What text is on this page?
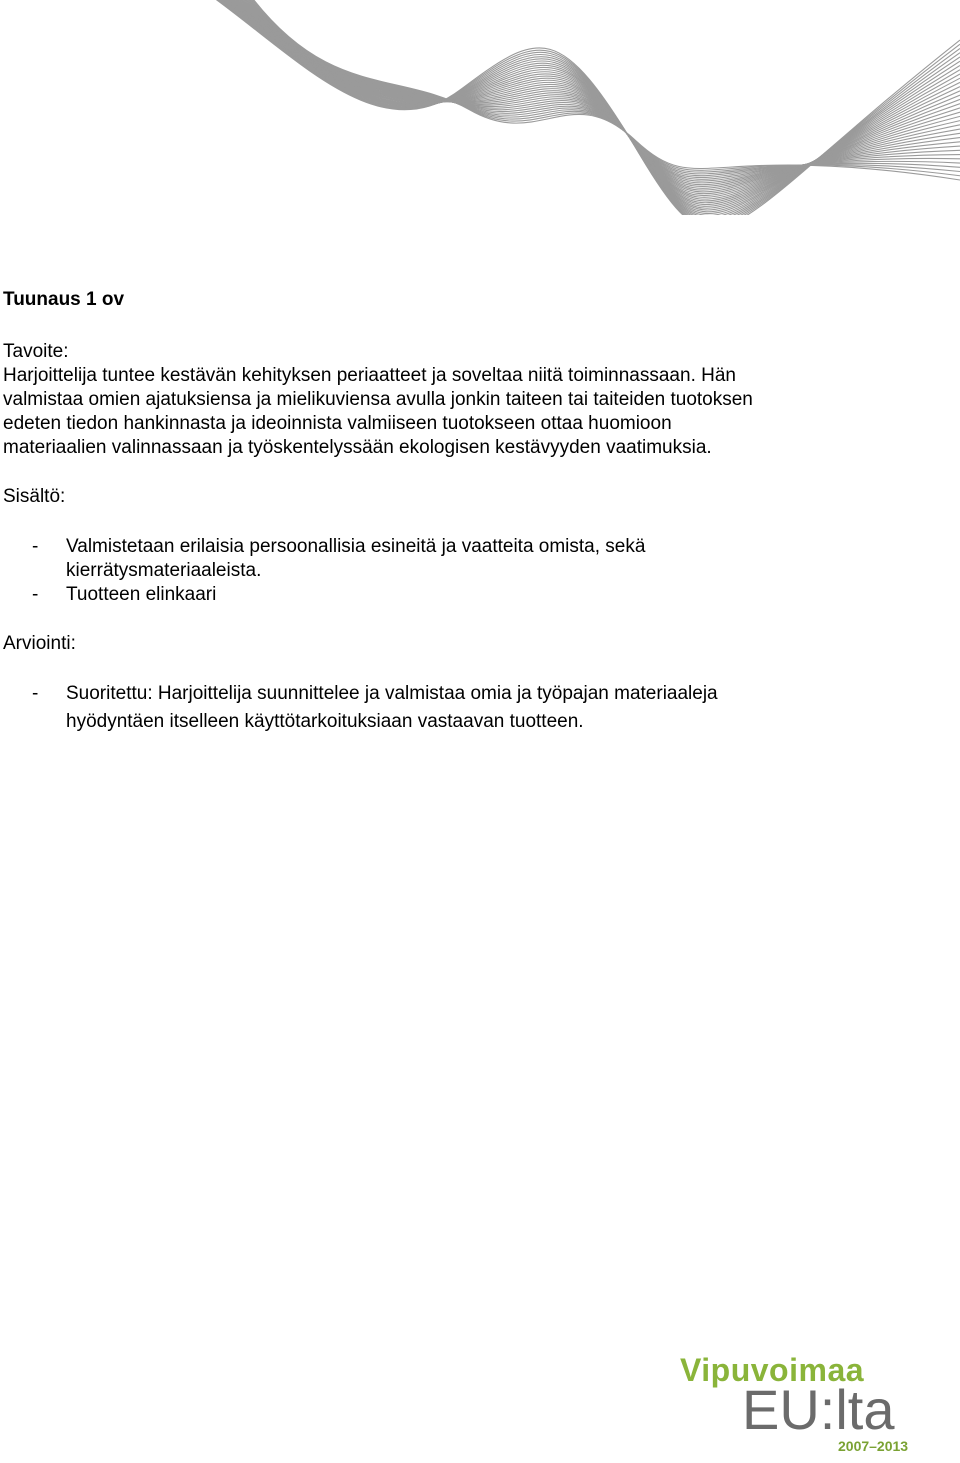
Tuunaus 1 ov
Tavoite:
Harjoittelija tuntee kestävän kehityksen periaatteet ja soveltaa niitä toiminnassaan. Hän
valmistaa omien ajatuksiensa ja mielikuviensa avulla jonkin taiteen tai taiteiden tuotoksen
edeten tiedon hankinnasta ja ideoinnista valmiiseen tuotokseen ottaa huomioon
materiaalien valinnassaan ja työskentelyssään ekologisen kestävyyden vaatimuksia.
Sisältö:
- Valmistetaan erilaisia persoonallisia esineitä ja vaatteita omista, sekä
kierrätysmateriaaleista.
- Tuotteen elinkaari
Arviointi:
- Suoritettu: Harjoittelija suunnittelee ja valmistaa omia ja työpajan materiaaleja
hyödyntäen itselleen käyttötarkoituksiaan vastaavan tuotteen.
Vipuvoimaa
EU:lta
2007–2013
